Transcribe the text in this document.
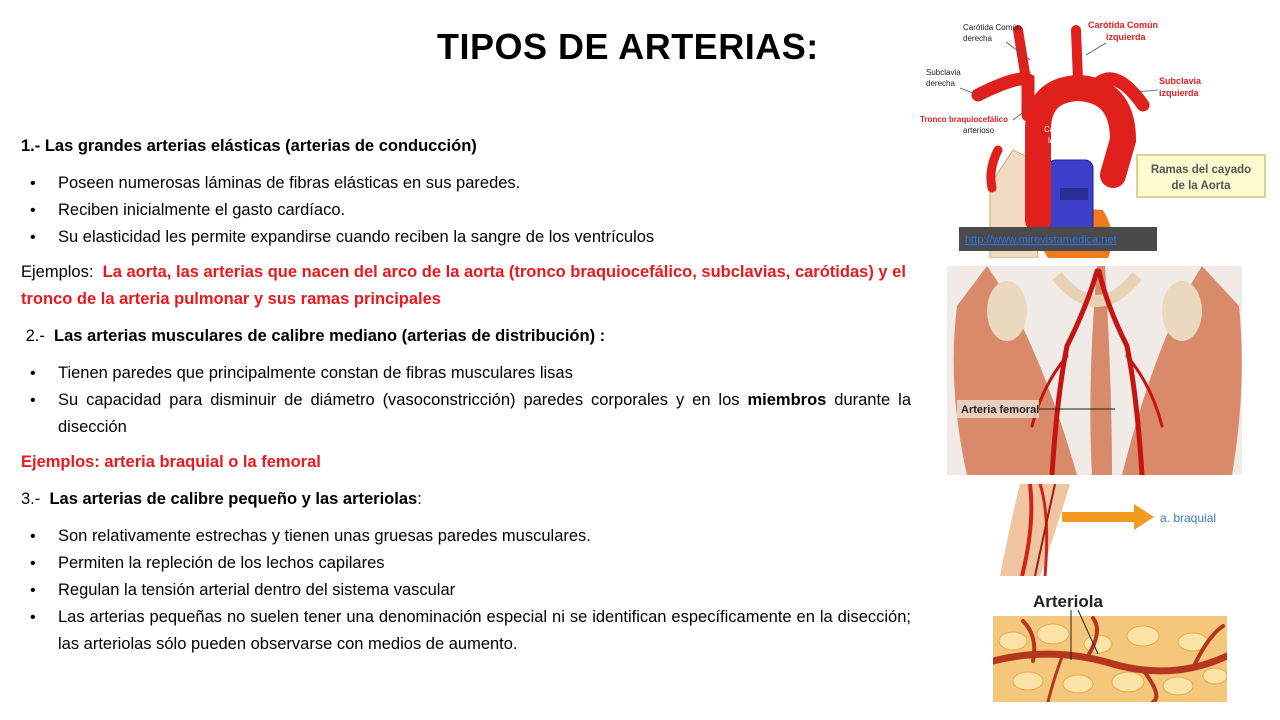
TIPOS DE ARTERIAS:

1.- Las grandes arterias elásticas (arterias de conducción)

• Poseen numerosas láminas de fibras elásticas en sus paredes.
• Reciben inicialmente el gasto cardíaco.
• Su elasticidad les permite expandirse cuando reciben la sangre de los ventrículos

Ejemplos: La aorta, las arterias que nacen del arco de la aorta (tronco braquiocefálico, subclavias, carótidas) y el tronco de la arteria pulmonar y sus ramas principales

2.- Las arterias musculares de calibre mediano (arterias de distribución) :

• Tienen paredes que principalmente constan de fibras musculares lisas
• Su capacidad para disminuir de diámetro (vasoconstricción) paredes corporales y en los miembros durante la disección

Ejemplos: arteria braquial o la femoral

3.- Las arterias de calibre pequeño y las arteriolas:

• Son relativamente estrechas y tienen unas gruesas paredes musculares.
• Permiten la repleción de los lechos capilares
• Regulan la tensión arterial dentro del sistema vascular
• Las arterias pequeñas no suelen tener una denominación especial ni se identifican específicamente en la disección; las arteriolas sólo pueden observarse con medios de aumento.
Carótida Común
derecha
Subclavia
derecha
Tronco braquiocefálico
arterioso	Cayado de
la aorta
Carótida Común
izquierda
Subclavia
izquierda
Ramas del cayado
de la Aorta
http://www.mirevistamedica.net
Arteria femoral
a. braquial
Arteriola
